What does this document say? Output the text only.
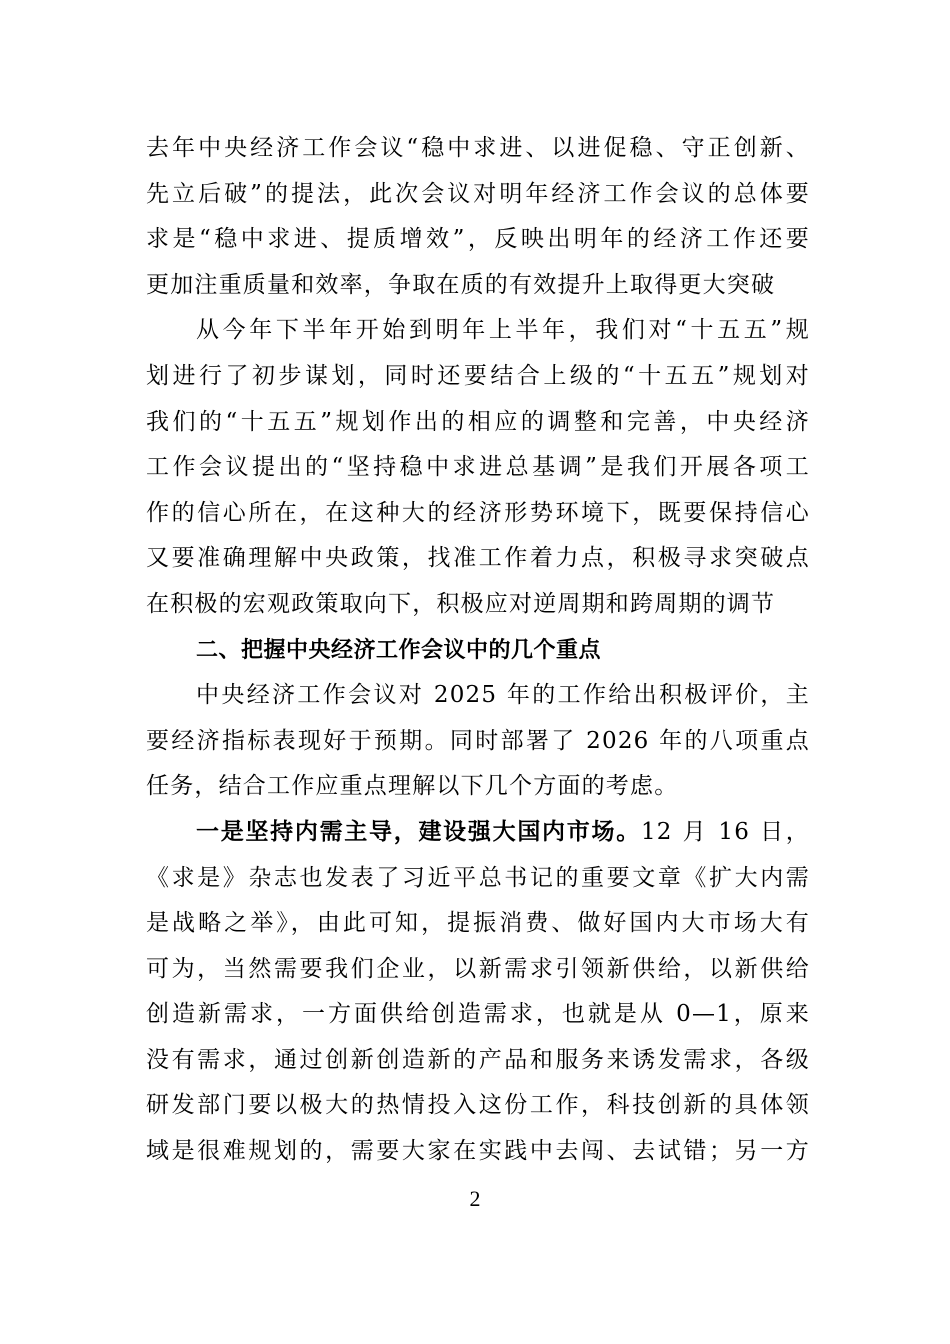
去年中央经济工作会议“稳中求进、以进促稳、守正创新、
先立后破”的提法，此次会议对明年经济工作会议的总体要
求是“稳中求进、提质增效”，反映出明年的经济工作还要
更加注重质量和效率，争取在质的有效提升上取得更大突破
从今年下半年开始到明年上半年，我们对“十五五”规
划进行了初步谋划，同时还要结合上级的“十五五”规划对
我们的“十五五”规划作出的相应的调整和完善，中央经济
工作会议提出的“坚持稳中求进总基调”是我们开展各项工
作的信心所在，在这种大的经济形势环境下，既要保持信心
又要准确理解中央政策，找准工作着力点，积极寻求突破点
在积极的宏观政策取向下，积极应对逆周期和跨周期的调节
二、把握中央经济工作会议中的几个重点
中央经济工作会议对 2025 年的工作给出积极评价，主
要经济指标表现好于预期。同时部署了 2026 年的八项重点
任务，结合工作应重点理解以下几个方面的考虑。
一是坚持内需主导，建设强大国内市场。12 月 16 日，
《求是》杂志也发表了习近平总书记的重要文章《扩大内需
是战略之举》，由此可知，提振消费、做好国内大市场大有
可为，当然需要我们企业，以新需求引领新供给，以新供给
创造新需求，一方面供给创造需求，也就是从 0—1，原来
没有需求，通过创新创造新的产品和服务来诱发需求，各级
研发部门要以极大的热情投入这份工作，科技创新的具体领
域是很难规划的，需要大家在实践中去闯、去试错；另一方
2
